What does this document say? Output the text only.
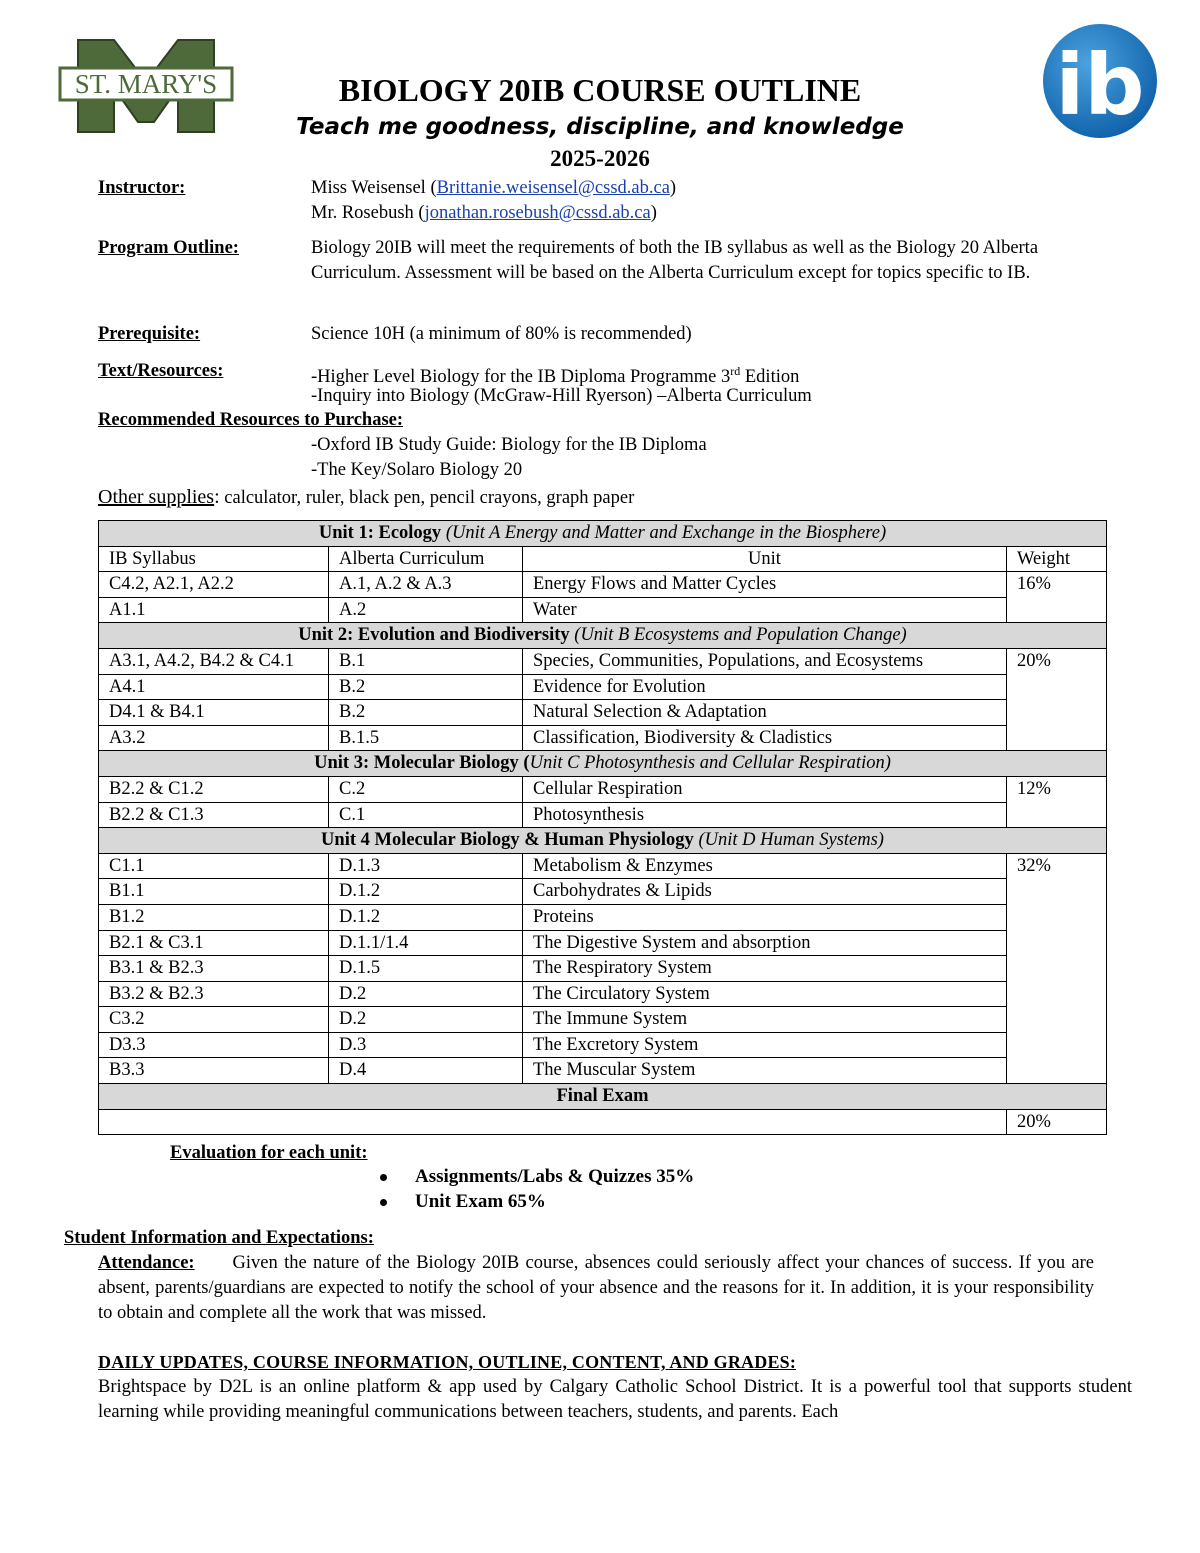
ST. MARY'S	ib
BIOLOGY 20IB COURSE OUTLINE
Teach me goodness, discipline, and knowledge
2025-2026
Instructor:	Miss Weisensel (Brittanie.weisensel@cssd.ab.ca)
Mr. Rosebush (jonathan.rosebush@cssd.ab.ca)
Program Outline:	Biology 20IB will meet the requirements of both the IB syllabus as well as the Biology 20 Alberta Curriculum. Assessment will be based on the Alberta Curriculum except for topics specific to IB.
Prerequisite:	Science 10H (a minimum of 80% is recommended)
Text/Resources:	-Higher Level Biology for the IB Diploma Programme 3rd Edition
-Inquiry into Biology (McGraw-Hill Ryerson) –Alberta Curriculum
Recommended Resources to Purchase:
-Oxford IB Study Guide: Biology for the IB Diploma
-The Key/Solaro Biology 20
Other supplies: calculator, ruler, black pen, pencil crayons, graph paper
Unit 1: Ecology (Unit A Energy and Matter and Exchange in the Biosphere)			
IB Syllabus	Alberta Curriculum	Unit	Weight
C4.2, A2.1, A2.2	A.1, A.2 & A.3	Energy Flows and Matter Cycles	16%
A1.1	A.2	Water	
Unit 2: Evolution and Biodiversity (Unit B Ecosystems and Population Change)			
A3.1, A4.2, B4.2 & C4.1	B.1	Species, Communities, Populations, and Ecosystems	20%
A4.1	B.2	Evidence for Evolution	
D4.1 & B4.1	B.2	Natural Selection & Adaptation	
A3.2	B.1.5	Classification, Biodiversity & Cladistics	
Unit 3: Molecular Biology (Unit C Photosynthesis and Cellular Respiration)			
B2.2 & C1.2	C.2	Cellular Respiration	12%
B2.2 & C1.3	C.1	Photosynthesis	
Unit 4 Molecular Biology & Human Physiology (Unit D Human Systems)			
C1.1	D.1.3	Metabolism & Enzymes	32%
B1.1	D.1.2	Carbohydrates & Lipids	
B1.2	D.1.2	Proteins	
B2.1 & C3.1	D.1.1/1.4	The Digestive System and absorption	
B3.1 & B2.3	D.1.5	The Respiratory System	
B3.2 & B2.3	D.2	The Circulatory System	
C3.2	D.2	The Immune System	
D3.3	D.3	The Excretory System	
B3.3	D.4	The Muscular System	
Final Exam			
			20%
Evaluation for each unit:
Assignments/Labs & Quizzes 35%
Unit Exam 65%
Student Information and Expectations:
Attendance: Given the nature of the Biology 20IB course, absences could seriously affect your chances of success. If you are absent, parents/guardians are expected to notify the school of your absence and the reasons for it. In addition, it is your responsibility to obtain and complete all the work that was missed.
DAILY UPDATES, COURSE INFORMATION, OUTLINE, CONTENT, AND GRADES:
Brightspace by D2L is an online platform & app used by Calgary Catholic School District. It is a powerful tool that supports student learning while providing meaningful communications between teachers, students, and parents. Each
